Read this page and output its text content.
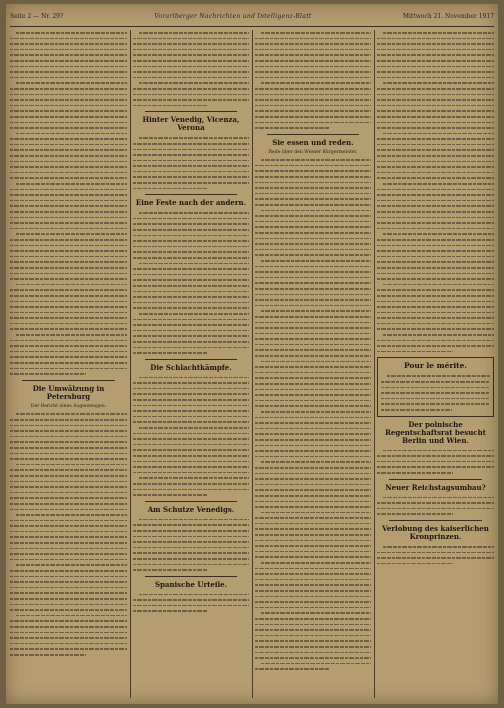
Seite 2 — Nr. 29?	Vorarlberger Nachrichten und Intelligenz-Blatt	Mittwoch 21. November 1917
Die Umwälzung in Petersburg
Der Bericht eines Augenzeugen.
Hinter Venedig, Vicenza, Verona
Eine Feste nach der andern.
Die Schlachtkämpfe.
Am Schutze Venedigs.
Spanische Urteile.
Sie essen und reden.
Rede über den Wiener Bürgermeister.
Pour le mérite.
Der polnische Regentschaftsrat besucht Berlin und Wien.
Neuer Reichstagsumbau?
Verlobung des kaiserlichen Kronprinzen.
